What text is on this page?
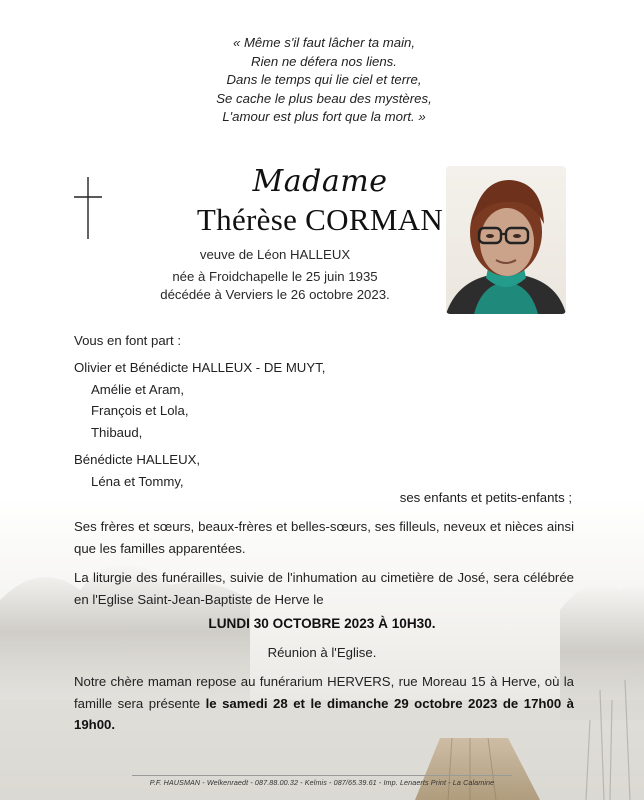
« Même s'il faut lâcher ta main,
Rien ne défera nos liens.
Dans le temps qui lie ciel et terre,
Se cache le plus beau des mystères,
L'amour est plus fort que la mort. »
Madame
Thérèse CORMAN
veuve de Léon HALLEUX
née à Froidchapelle le 25 juin 1935
décédée à Verviers le 26 octobre 2023.
Vous en font part :
Olivier et Bénédicte HALLEUX - DE MUYT,
Amélie et Aram,
François et Lola,
Thibaud,
Bénédicte HALLEUX,
Léna et Tommy,
ses enfants et petits-enfants ;
Ses frères et sœurs, beaux-frères et belles-sœurs, ses filleuls, neveux et nièces ainsi que les familles apparentées.
La liturgie des funérailles, suivie de l'inhumation au cimetière de José, sera célébrée en l'Eglise Saint-Jean-Baptiste de Herve le
LUNDI 30 OCTOBRE 2023 À 10H30.
Réunion à l'Eglise.
Notre chère maman repose au funérarium HERVERS, rue Moreau 15 à Herve, où la famille sera présente le samedi 28 et le dimanche 29 octobre 2023 de 17h00 à 19h00.
P.F. HAUSMAN - Welkenraedt - 087.88.00.32 - Kelmis - 087/65.39.61 - Imp. Lenaerts Print - La Calamine
